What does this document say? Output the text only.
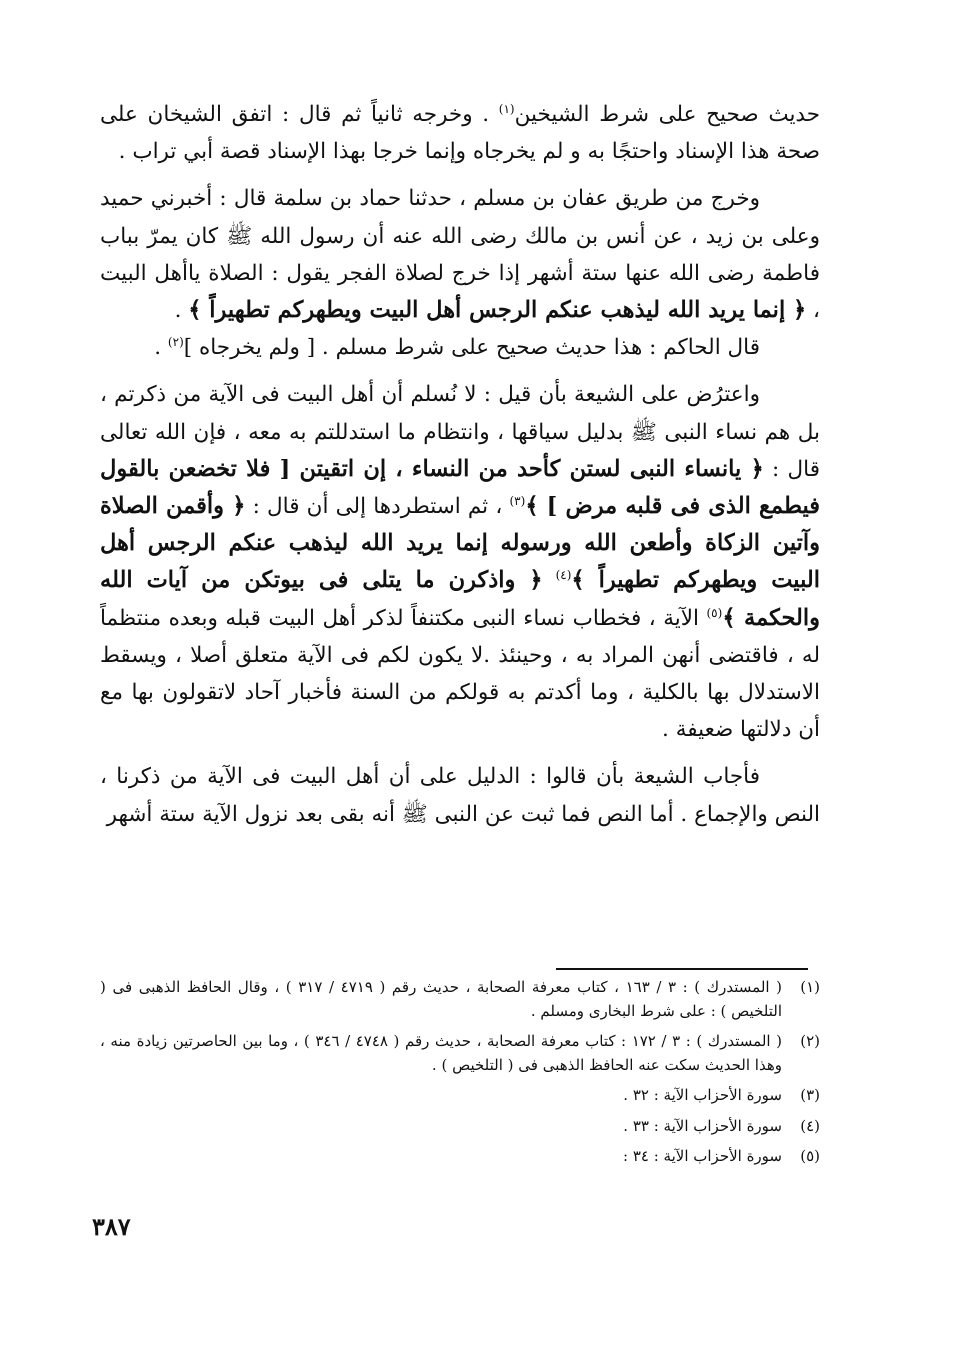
حديث صحيح على شرط الشيخين$^{(١)}$ . وخرجه ثانياً ثم قال : اتفق الشيخان على صحة هذا الإسناد واحتجًا به و لم يخرجاه وإنما خرجا بهذا الإسناد قصة أبي تراب .

وخرج من طريق عفان بن مسلم ، حدثنا حماد بن سلمة قال : أخبرني حميد وعلى بن زيد ، عن أنس بن مالك رضى الله عنه أن رسول الله ﷺ كان يمرّ بباب فاطمة رضى الله عنها ستة أشهر إذا خرج لصلاة الفجر يقول : الصلاة ياأهل البيت ، ﴿ إنما يريد الله ليذهب عنكم الرجس أهل البيت ويطهركم تطهيراً ﴾ .

قال الحاكم : هذا حديث صحيح على شرط مسلم . [ ولم يخرجاه ]$^{(٢)}$ .

واعترُض على الشيعة بأن قيل : لا نُسلم أن أهل البيت فى الآية من ذكرتم ، بل هم نساء النبى ﷺ بدليل سياقها ، وانتظام ما استدللتم به معه ، فإن الله تعالى قال : ﴿ يانساء النبى لستن كأحد من النساء ، إن اتقيتن [ فلا تخضعن بالقول فيطمع الذى فى قلبه مرض ] ﴾$^{(٣)}$ ، ثم استطردها إلى أن قال : ﴿ وأقمن الصلاة وآتين الزكاة وأطعن الله ورسوله إنما يريد الله ليذهب عنكم الرجس أهل البيت ويطهركم تطهيراً ﴾$^{(٤)}$ ﴿ واذكرن ما يتلى فى بيوتكن من آيات الله والحكمة ﴾$^{(٥)}$ الآية ، فخطاب نساء النبى مكتنفاً لذكر أهل البيت قبله وبعده منتظماً له ، فاقتضى أنهن المراد به ، وحينئذ .لا يكون لكم فى الآية متعلق أصلا ، ويسقط الاستدلال بها بالكلية ، وما أكدتم به قولكم من السنة فأخبار آحاد لاتقولون بها مع أن دلالتها ضعيفة .

فأجاب الشيعة بأن قالوا : الدليل على أن أهل البيت فى الآية من ذكرنا ، النص والإجماع . أما النص فما ثبت عن النبى ﷺ أنه بقى بعد نزول الآية ستة أشهر

(١)
( المستدرك ) : ٣ / ١٦٣ ، كتاب معرفة الصحابة ، حديث رقم ( ٤٧١٩ / ٣١٧ ) ، وقال الحافظ الذهبى فى ( التلخيص ) : على شرط البخارى ومسلم .
(٢)
( المستدرك ) : ٣ / ١٧٢ : كتاب معرفة الصحابة ، حديث رقم ( ٤٧٤٨ / ٣٤٦ ) ، وما بين الحاصرتين زيادة منه ، وهذا الحديث سكت عنه الحافظ الذهبى فى ( التلخيص ) .
(٣)
سورة الأحزاب الآية : ٣٢ .
(٤)
سورة الأحزاب الآية : ٣٣ .
(٥)
سورة الأحزاب الآية : ٣٤ :
٣٨٧
